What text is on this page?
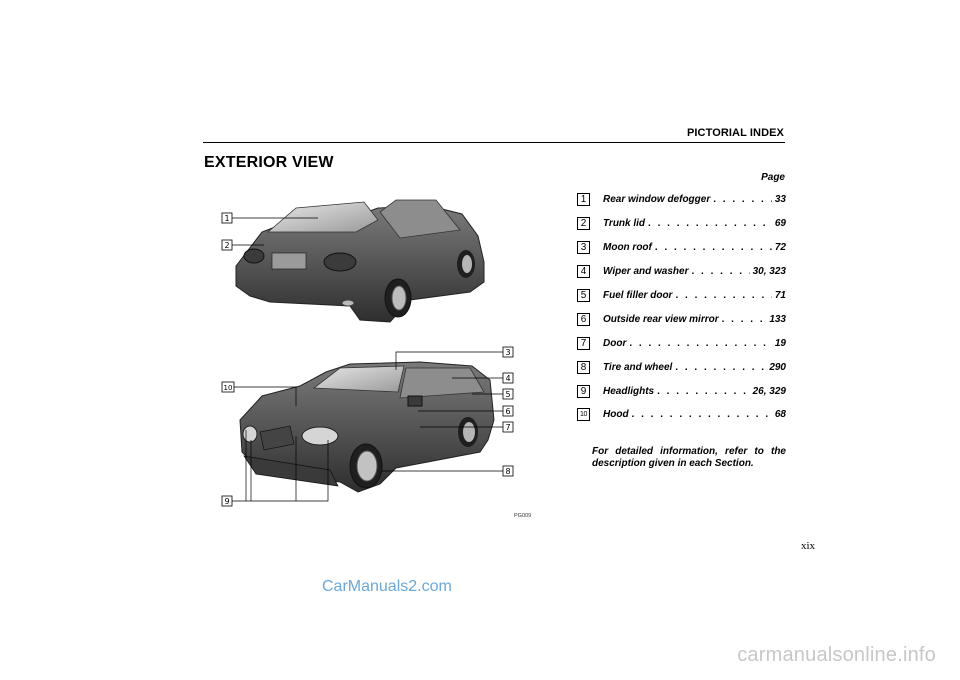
PICTORIAL INDEX
EXTERIOR VIEW
Page
1	Rear window defogger . . .	33
2	Trunk lid . . .	69
3	Moon roof . . .	72
4	Wiper and washer . . .	30, 323
5	Fuel filler door . . .	71
6	Outside rear view mirror . . .	133
7	Door . . .	19
8	Tire and wheel . . .	290
9	Headlights . . .	26, 329
10	Hood . . .	68
For detailed information, refer to the description given in each Section.
1
2
3
4
5
6
7
8
9
10
PG009
xix
CarManuals2.com
carmanualsonline.info
